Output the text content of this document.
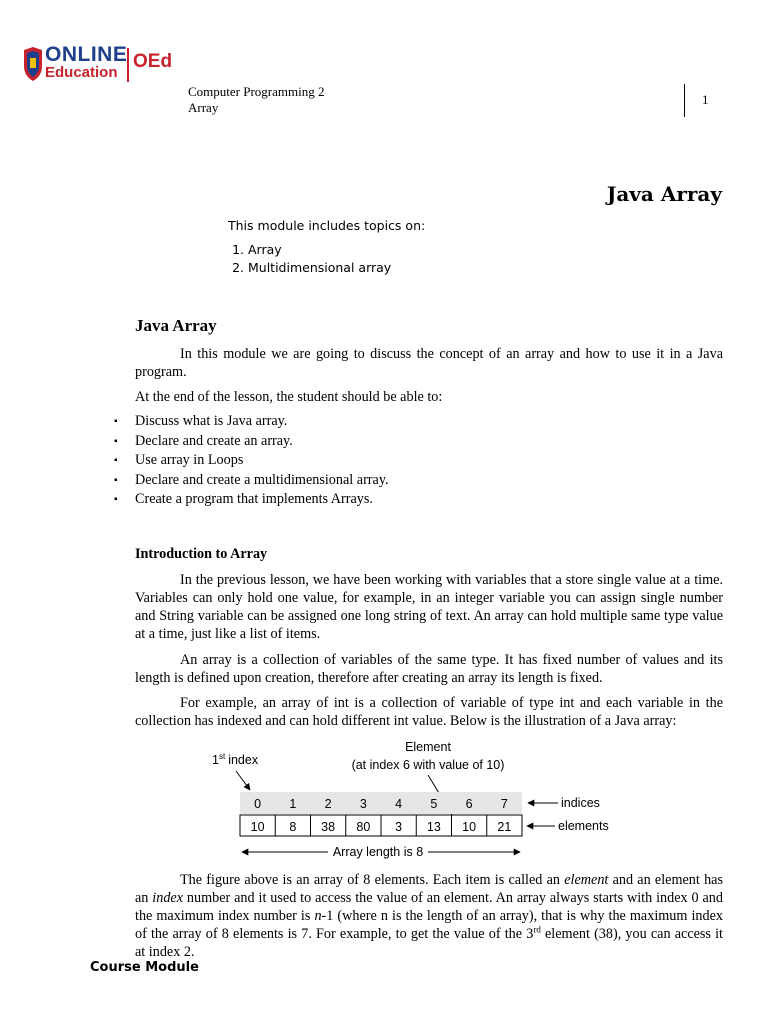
ONLINE
Education
OEd
Computer Programming 2
Array
1
Java Array
This module includes topics on:
1. Array
2. Multidimensional array
Java Array
In this module we are going to discuss the concept of an array and how to use it in a Java program.
At the end of the lesson, the student should be able to:
▪ Discuss what is Java array.
▪ Declare and create an array.
▪ Use array in Loops
▪ Declare and create a multidimensional array.
▪ Create a program that implements Arrays.
Introduction to Array
In the previous lesson, we have been working with variables that a store single value at a time. Variables can only hold one value, for example, in an integer variable you can assign single number and String variable can be assigned one long string of text. An array can hold multiple same type value at a time, just like a list of items.
An array is a collection of variables of the same type. It has fixed number of values and its length is defined upon creation, therefore after creating an array its length is fixed.
For example, an array of int is a collection of variable of type int and each variable in the collection has indexed and can hold different int value. Below is the illustration of a Java array:
1st index
Element
(at index 6 with value of 10)
0
10
1
8
2
38
3
80
4
3
5
13
6
10
7
21
indices
elements
Array length is 8
The figure above is an array of 8 elements. Each item is called an element and an element has an index number and it used to access the value of an element. An array always starts with index 0 and the maximum index number is n-1 (where n is the length of an array), that is why the maximum index of the array of 8 elements is 7. For example, to get the value of the 3rd element (38), you can access it at index 2.
Course Module
